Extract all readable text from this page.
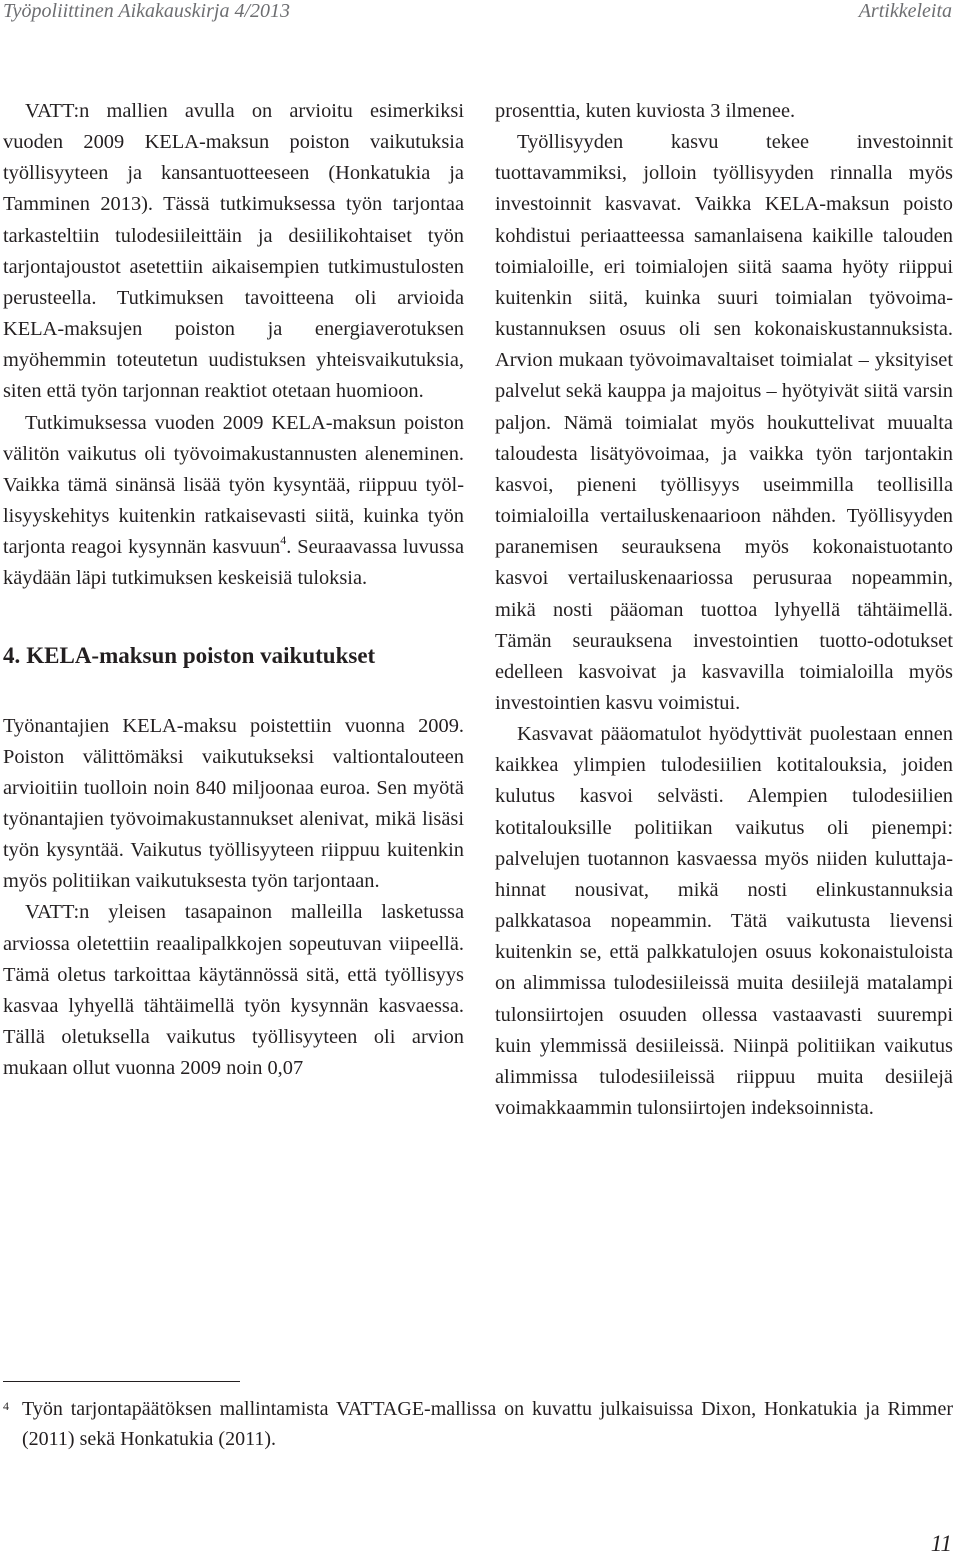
Työpoliittinen Aikakauskirja 4/2013	Artikkeleita

VATT:n mallien avulla on arvioitu esimerkiksi vuoden 2009 KELA-maksun poiston vaikutuksia työllisyyteen ja kansantuotteeseen (Honkatukia ja Tamminen 2013). Tässä tutkimuksessa työn tarjontaa tarkasteltiin tulodesiileittäin ja desiilikohtaiset työn tarjontajoustot asetettiin aikaisempien tutkimustulosten perusteella. Tutkimuksen tavoitteena oli arvioida KELA-maksujen poiston ja energiaverotuksen myöhemmin toteutetun uudistuksen yhteisvaikutuksia, siten että työn tarjonnan reaktiot otetaan huomioon.

Tutkimuksessa vuoden 2009 KELA-maksun poiston välitön vaikutus oli työvoimakustannusten aleneminen. Vaikka tämä sinänsä lisää työn kysyntää, riippuu työllisyyskehitys kuitenkin ratkaisevasti siitä, kuinka työn tarjonta reagoi kysynnän kasvuun$^4$. Seuraavassa luvussa käydään läpi tutkimuksen keskeisiä tuloksia.

4. KELA-maksun poiston vaikutukset

Työnantajien KELA-maksu poistettiin vuonna 2009. Poiston välittömäksi vaikutukseksi valtiontalouteen arvioitiin tuolloin noin 840 miljoonaa euroa. Sen myötä työnantajien työvoimakustannukset alenivat, mikä lisäsi työn kysyntää. Vaikutus työllisyyteen riippuu kuitenkin myös politiikan vaikutuksesta työn tarjontaan.

VATT:n yleisen tasapainon malleilla lasketussa arviossa oletettiin reaalipalkkojen sopeutuvan viipeellä. Tämä oletus tarkoittaa käytännössä sitä, että työllisyys kasvaa lyhyellä tähtäimellä työn kysynnän kasvaessa. Tällä oletuksella vaikutus työllisyyteen oli arvion mukaan ollut vuonna 2009 noin 0,07

prosenttia, kuten kuviosta 3 ilmenee.

Työllisyyden kasvu tekee investoinnit tuottavammiksi, jolloin työllisyyden rinnalla myös investoinnit kasvavat. Vaikka KELA-maksun poisto kohdistui periaatteessa samanlaisena kaikille talouden toimialoille, eri toimialojen siitä saama hyöty riippui kuitenkin siitä, kuinka suuri toimialan työvoimakustannuksen osuus oli sen kokonaiskustannuksista. Arvion mukaan työvoimavaltaiset toimialat – yksityiset palvelut sekä kauppa ja majoitus – hyötyivät siitä varsin paljon. Nämä toimialat myös houkuttelivat muualta taloudesta lisätyövoimaa, ja vaikka työn tarjontakin kasvoi, pieneni työllisyys useimmilla teollisilla toimialoilla vertailuskenaarioon nähden. Työllisyyden paranemisen seurauksena myös kokonaistuotanto kasvoi vertailuskenaariossa perusuraa nopeammin, mikä nosti pääoman tuottoa lyhyellä tähtäimellä. Tämän seurauksena investointien tuotto-odotukset edelleen kasvoivat ja kasvavilla toimialoilla myös investointien kasvu voimistui.

Kasvavat pääomatulot hyödyttivät puolestaan ennen kaikkea ylimpien tulodesiilien kotitalouksia, joiden kulutus kasvoi selvästi. Alempien tulodesiilien kotitalouksille politiikan vaikutus oli pienempi: palvelujen tuotannon kasvaessa myös niiden kuluttajahinnat nousivat, mikä nosti elinkustannuksia palkkatasoa nopeammin. Tätä vaikutusta lievensi kuitenkin se, että palkkatulojen osuus kokonaistuloista on alimmissa tulodesiileissä muita desiilejä matalampi tulonsiirtojen osuuden ollessa vastaavasti suurempi kuin ylemmissä desiileissä. Niinpä politiikan vaikutus alimmissa tulodesiileissä riippuu muita desiilejä voimakkaammin tulonsiirtojen indeksoinnista.

4 Työn tarjontapäätöksen mallintamista VATTAGE-mallissa on kuvattu julkaisuissa Dixon, Honkatukia ja Rimmer (2011) sekä Honkatukia (2011).
11
